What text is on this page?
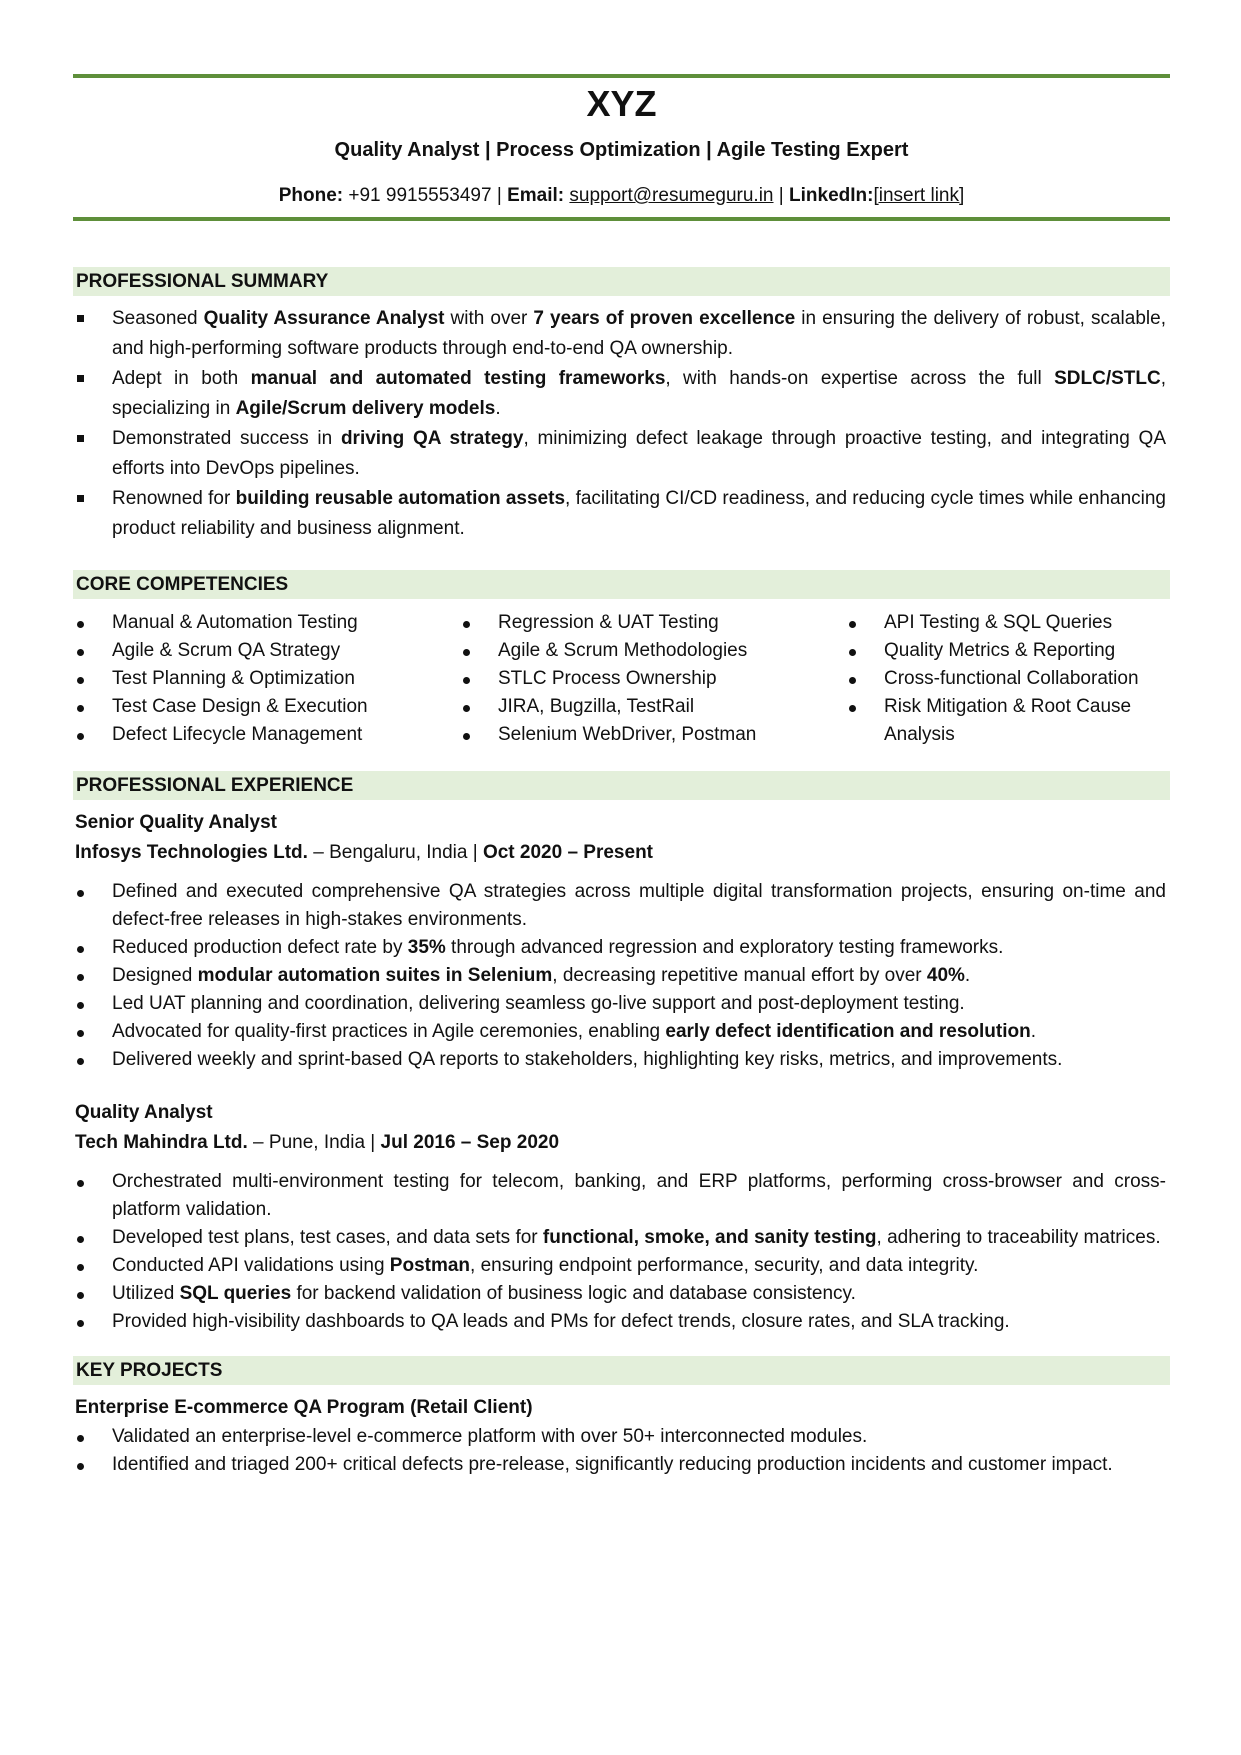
XYZ
Quality Analyst | Process Optimization | Agile Testing Expert
Phone: +91 9915553497 | Email: support@resumeguru.in | LinkedIn:[insert link]
PROFESSIONAL SUMMARY
Seasoned Quality Assurance Analyst with over 7 years of proven excellence in ensuring the delivery of robust, scalable, and high-performing software products through end-to-end QA ownership.
Adept in both manual and automated testing frameworks, with hands-on expertise across the full SDLC/STLC, specializing in Agile/Scrum delivery models.
Demonstrated success in driving QA strategy, minimizing defect leakage through proactive testing, and integrating QA efforts into DevOps pipelines.
Renowned for building reusable automation assets, facilitating CI/CD readiness, and reducing cycle times while enhancing product reliability and business alignment.
CORE COMPETENCIES
Manual & Automation Testing
Agile & Scrum QA Strategy
Test Planning & Optimization
Test Case Design & Execution
Defect Lifecycle Management
Regression & UAT Testing
Agile & Scrum Methodologies
STLC Process Ownership
JIRA, Bugzilla, TestRail
Selenium WebDriver, Postman
API Testing & SQL Queries
Quality Metrics & Reporting
Cross-functional Collaboration
Risk Mitigation & Root Cause Analysis
PROFESSIONAL EXPERIENCE
Senior Quality Analyst
Infosys Technologies Ltd. – Bengaluru, India | Oct 2020 – Present
Defined and executed comprehensive QA strategies across multiple digital transformation projects, ensuring on-time and defect-free releases in high-stakes environments.
Reduced production defect rate by 35% through advanced regression and exploratory testing frameworks.
Designed modular automation suites in Selenium, decreasing repetitive manual effort by over 40%.
Led UAT planning and coordination, delivering seamless go-live support and post-deployment testing.
Advocated for quality-first practices in Agile ceremonies, enabling early defect identification and resolution.
Delivered weekly and sprint-based QA reports to stakeholders, highlighting key risks, metrics, and improvements.
Quality Analyst
Tech Mahindra Ltd. – Pune, India | Jul 2016 – Sep 2020
Orchestrated multi-environment testing for telecom, banking, and ERP platforms, performing cross-browser and cross-platform validation.
Developed test plans, test cases, and data sets for functional, smoke, and sanity testing, adhering to traceability matrices.
Conducted API validations using Postman, ensuring endpoint performance, security, and data integrity.
Utilized SQL queries for backend validation of business logic and database consistency.
Provided high-visibility dashboards to QA leads and PMs for defect trends, closure rates, and SLA tracking.
KEY PROJECTS
Enterprise E-commerce QA Program (Retail Client)
Validated an enterprise-level e-commerce platform with over 50+ interconnected modules.
Identified and triaged 200+ critical defects pre-release, significantly reducing production incidents and customer impact.
